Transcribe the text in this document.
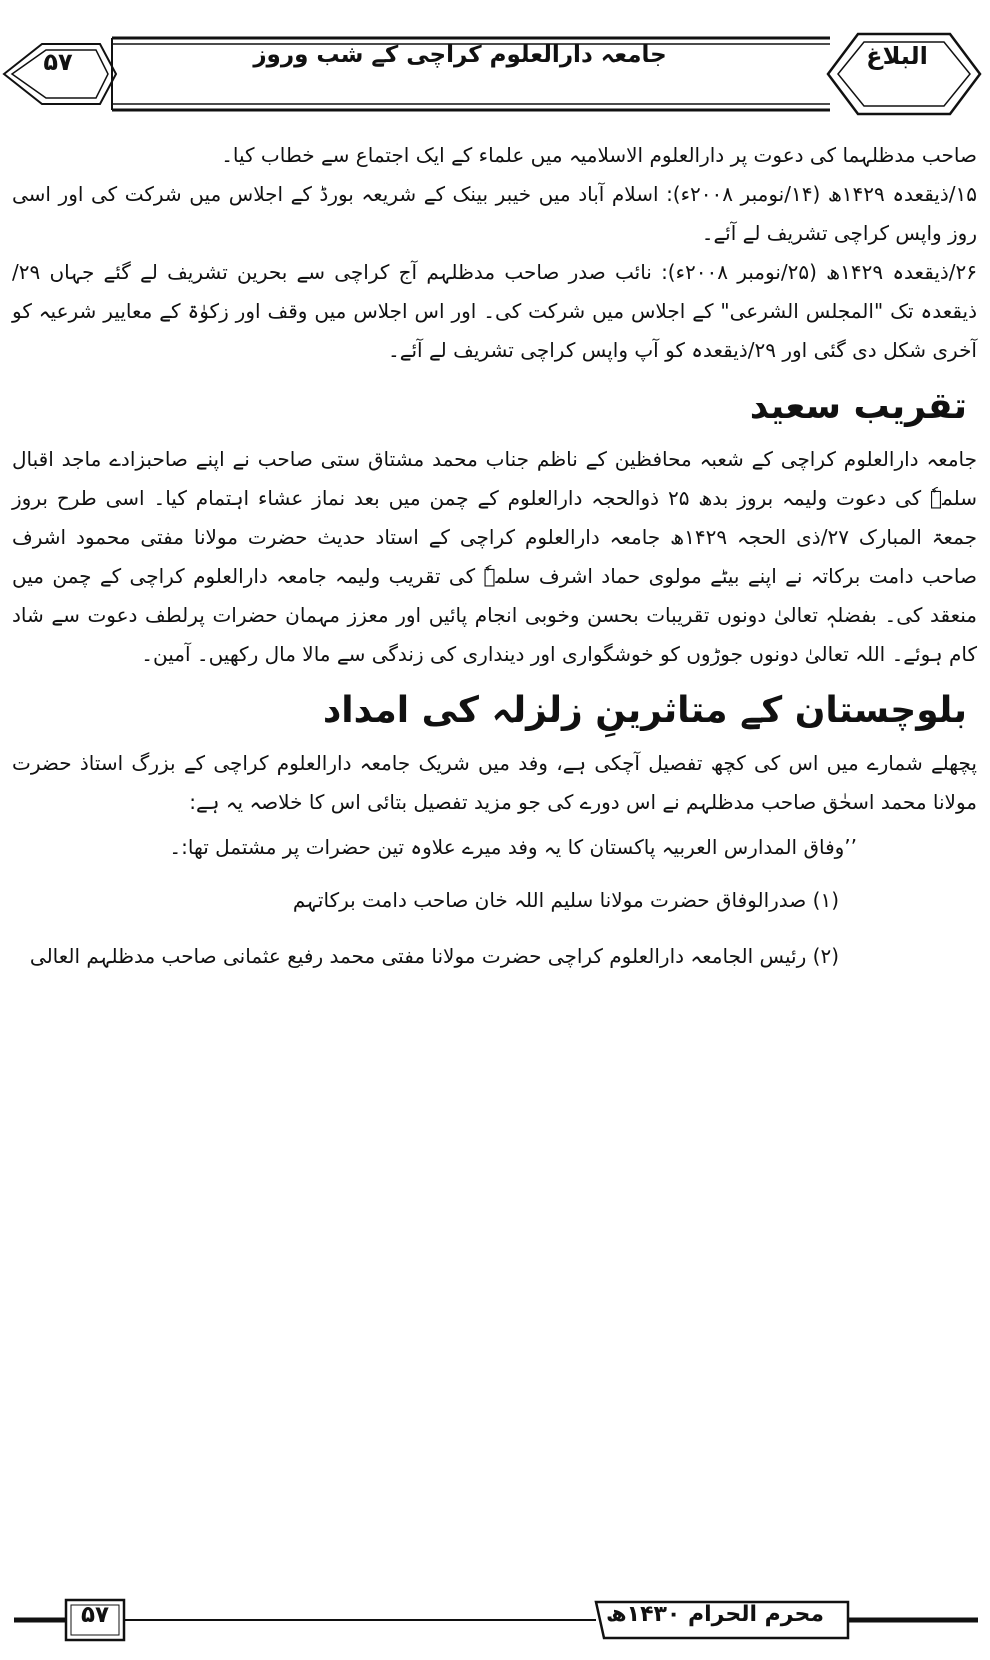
۵۷	جامعہ دارالعلوم کراچی کے شب وروز	البلاغ

صاحب مدظلہما کی دعوت پر دارالعلوم الاسلامیہ میں علماء کے ایک اجتماع سے خطاب کیا۔

۱۵/ذیقعدہ ۱۴۲۹ھ (۱۴/نومبر ۲۰۰۸ء): اسلام آباد میں خیبر بینک کے شریعہ بورڈ کے اجلاس میں شرکت کی اور اسی روز واپس کراچی تشریف لے آئے۔

۲۶/ذیقعدہ ۱۴۲۹ھ (۲۵/نومبر ۲۰۰۸ء): نائب صدر صاحب مدظلہم آج کراچی سے بحرین تشریف لے گئے جہاں ۲۹/ذیقعدہ تک "المجلس الشرعی" کے اجلاس میں شرکت کی۔ اور اس اجلاس میں وقف اور زکوٰۃ کے معاییر شرعیہ کو آخری شکل دی گئی اور ۲۹/ذیقعدہ کو آپ واپس کراچی تشریف لے آئے۔

تقریب سعید

جامعہ دارالعلوم کراچی کے شعبہ محافظین کے ناظم جناب محمد مشتاق ستی صاحب نے اپنے صاحبزادے ماجد اقبال سلمہٗ کی دعوت ولیمہ بروز بدھ ۲۵ ذوالحجہ دارالعلوم کے چمن میں بعد نماز عشاء اہتمام کیا۔ اسی طرح بروز جمعۃ المبارک ۲۷/ذی الحجہ ۱۴۲۹ھ جامعہ دارالعلوم کراچی کے استاد حدیث حضرت مولانا مفتی محمود اشرف صاحب دامت برکاتہ نے اپنے بیٹے مولوی حماد اشرف سلمہٗ کی تقریب ولیمہ جامعہ دارالعلوم کراچی کے چمن میں منعقد کی۔ بفضلہٖ تعالیٰ دونوں تقریبات بحسن وخوبی انجام پائیں اور معزز مہمان حضرات پرلطف دعوت سے شاد کام ہوئے۔ اللہ تعالیٰ دونوں جوڑوں کو خوشگواری اور دینداری کی زندگی سے مالا مال رکھیں۔ آمین۔

بلوچستان کے متاثرینِ زلزلہ کی امداد

پچھلے شمارے میں اس کی کچھ تفصیل آچکی ہے، وفد میں شریک جامعہ دارالعلوم کراچی کے بزرگ استاذ حضرت مولانا محمد اسحٰق صاحب مدظلہم نے اس دورے کی جو مزید تفصیل بتائی اس کا خلاصہ یہ ہے:

’’وفاق المدارس العربیہ پاکستان کا یہ وفد میرے علاوہ تین حضرات پر مشتمل تھا:۔

(۱) صدرالوفاق حضرت مولانا سلیم اللہ خان صاحب دامت برکاتہم

(۲) رئیس الجامعہ دارالعلوم کراچی حضرت مولانا مفتی محمد رفیع عثمانی صاحب مدظلہم العالی

۵۷	محرم الحرام ۱۴۳۰ھ
